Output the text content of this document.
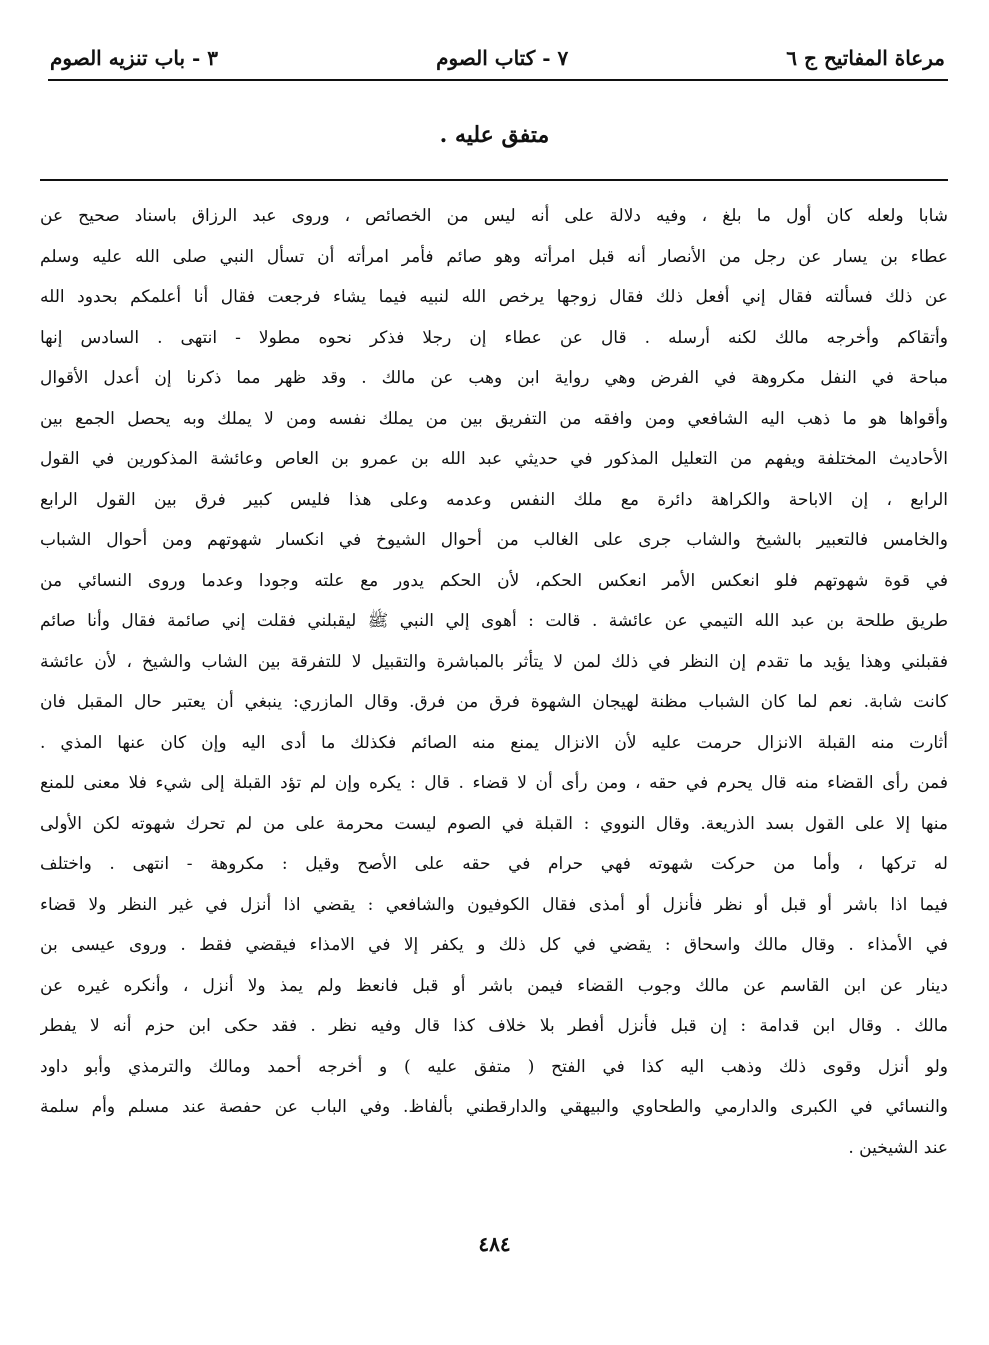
مرعاة المفاتيح ج ٦
٧ - كتاب الصوم
٣ - باب تنزيه الصوم
متفق عليه .
شابا ولعله كان أول ما بلغ ، وفيه دلالة على أنه ليس من الخصائص ، وروى عبد الرزاق باسناد صحيح عن
عطاء بن يسار عن رجل من الأنصار أنه قبل امرأته وهو صائم فأمر امرأته أن تسأل النبي صلى الله عليه وسلم
عن ذلك فسألته فقال إني أفعل ذلك فقال زوجها يرخص الله لنبيه فيما يشاء فرجعت فقال أنا أعلمكم بحدود الله
وأتقاكم وأخرجه مالك لكنه أرسله . قال عن عطاء إن رجلا فذكر نحوه مطولا - انتهى . السادس إنها
مباحة في النفل مكروهة في الفرض وهي رواية ابن وهب عن مالك . وقد ظهر مما ذكرنا إن أعدل الأقوال
وأقواها هو ما ذهب اليه الشافعي ومن وافقه من التفريق بين من يملك نفسه ومن لا يملك وبه يحصل الجمع بين
الأحاديث المختلفة ويفهم من التعليل المذكور في حديثي عبد الله بن عمرو بن العاص وعائشة المذكورين في القول
الرابع ، إن الاباحة والكراهة دائرة مع ملك النفس وعدمه وعلى هذا فليس كبير فرق بين القول الرابع
والخامس فالتعبير بالشيخ والشاب جرى على الغالب من أحوال الشيوخ في انكسار شهوتهم ومن أحوال الشباب
في قوة شهوتهم فلو انعكس الأمر انعكس الحكم، لأن الحكم يدور مع علته وجودا وعدما وروى النسائي من
طريق طلحة بن عبد الله التيمي عن عائشة . قالت : أهوى إلي النبي ﷺ ليقبلني فقلت إني صائمة فقال وأنا صائم
فقبلني وهذا يؤيد ما تقدم إن النظر في ذلك لمن لا يتأثر بالمباشرة والتقبيل لا للتفرقة بين الشاب والشيخ ، لأن عائشة
كانت شابة. نعم لما كان الشباب مظنة لهيجان الشهوة فرق من فرق. وقال المازري: ينبغي أن يعتبر حال المقبل فان
أثارت منه القبلة الانزال حرمت عليه لأن الانزال يمنع منه الصائم فكذلك ما أدى اليه وإن كان عنها المذي .
فمن رأى القضاء منه قال يحرم في حقه ، ومن رأى أن لا قضاء . قال : يكره وإن لم تؤد القبلة إلى شيء فلا معنى للمنع
منها إلا على القول بسد الذريعة. وقال النووي : القبلة في الصوم ليست محرمة على من لم تحرك شهوته لكن الأولى
له تركها ، وأما من حركت شهوته فهي حرام في حقه على الأصح وقيل : مكروهة - انتهى . واختلف
فيما اذا باشر أو قبل أو نظر فأنزل أو أمذى فقال الكوفيون والشافعي : يقضي اذا أنزل في غير النظر ولا قضاء
في الأمذاء . وقال مالك واسحاق : يقضي في كل ذلك و يكفر إلا في الامذاء فيقضي فقط . وروى عيسى بن
دينار عن ابن القاسم عن مالك وجوب القضاء فيمن باشر أو قبل فانعظ ولم يمذ ولا أنزل ، وأنكره غيره عن
مالك . وقال ابن قدامة : إن قبل فأنزل أفطر بلا خلاف كذا قال وفيه نظر . فقد حكى ابن حزم أنه لا يفطر
ولو أنزل وقوى ذلك وذهب اليه كذا في الفتح ( متفق عليه ) و أخرجه أحمد ومالك والترمذي وأبو داود
والنسائي في الكبرى والدارمي والطحاوي والبيهقي والدارقطني بألفاظ. وفي الباب عن حفصة عند مسلم وأم سلمة
عند الشيخين .
٤٨٤
